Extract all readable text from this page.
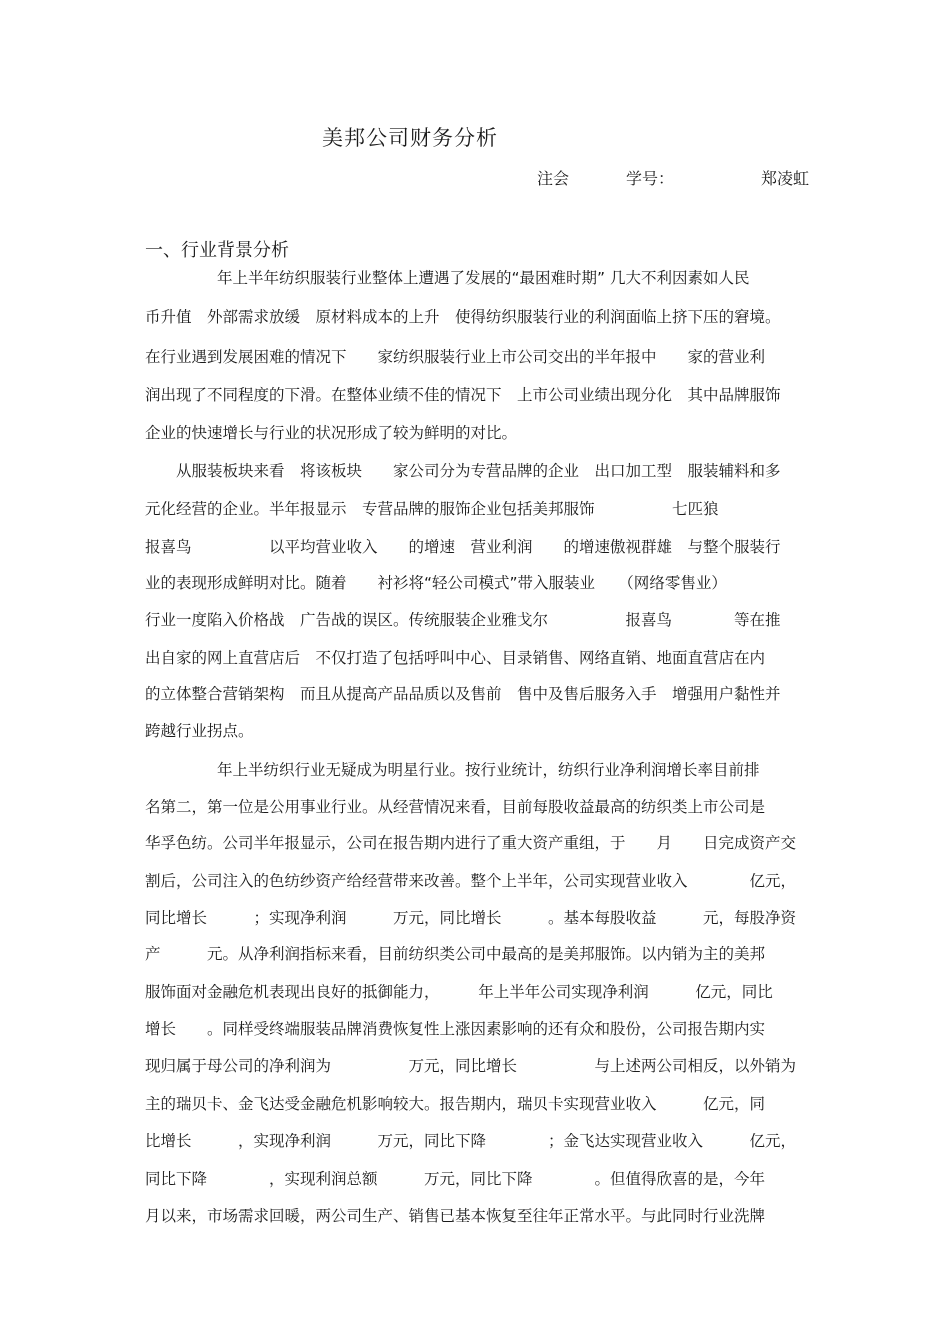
美邦公司财务分析
注会	学号：	郑凌虹
一、行业背景分析
年上半年纺织服装行业整体上遭遇了发展的“最困难时期” 几大不利因素如人民
币升值　外部需求放缓　原材料成本的上升　使得纺织服装行业的利润面临上挤下压的窘境。
在行业遇到发展困难的情况下　　家纺织服装行业上市公司交出的半年报中　　家的营业利
润出现了不同程度的下滑。在整体业绩不佳的情况下　上市公司业绩出现分化　其中品牌服饰
企业的快速增长与行业的状况形成了较为鲜明的对比。
从服装板块来看　将该板块　　家公司分为专营品牌的企业　出口加工型　服装辅料和多
元化经营的企业。半年报显示　专营品牌的服饰企业包括美邦服饰　　　　　七匹狼
报喜鸟　　　　　以平均营业收入　　的增速　营业利润　　的增速傲视群雄　与整个服装行
业的表现形成鲜明对比。随着　　衬衫将“轻公司模式”带入服装业　　（网络零售业）
行业一度陷入价格战　广告战的误区。传统服装企业雅戈尔　　　　　报喜鸟　　　　等在推
出自家的网上直营店后　不仅打造了包括呼叫中心、目录销售、网络直销、地面直营店在内
的立体整合营销架构　而且从提高产品品质以及售前　售中及售后服务入手　增强用户黏性并
跨越行业拐点。
年上半纺织行业无疑成为明星行业。按行业统计，纺织行业净利润增长率目前排
名第二，第一位是公用事业行业。从经营情况来看，目前每股收益最高的纺织类上市公司是
华孚色纺。公司半年报显示，公司在报告期内进行了重大资产重组，于　　月　　日完成资产交
割后，公司注入的色纺纱资产给经营带来改善。整个上半年，公司实现营业收入　　　　亿元，
同比增长　　　；实现净利润　　　万元，同比增长　　　。基本每股收益　　　元，每股净资
产　　　元。从净利润指标来看，目前纺织类公司中最高的是美邦服饰。以内销为主的美邦
服饰面对金融危机表现出良好的抵御能力，　　　年上半年公司实现净利润　　　亿元，同比
增长　　。同样受终端服装品牌消费恢复性上涨因素影响的还有众和股份，公司报告期内实
现归属于母公司的净利润为　　　　　万元，同比增长　　　　　与上述两公司相反，以外销为
主的瑞贝卡、金飞达受金融危机影响较大。报告期内，瑞贝卡实现营业收入　　　亿元，同
比增长　　　，实现净利润　　　万元，同比下降　　　　；金飞达实现营业收入　　　亿元，
同比下降　　　　，实现利润总额　　　万元，同比下降　　　　。但值得欣喜的是，今年
月以来，市场需求回暖，两公司生产、销售已基本恢复至往年正常水平。与此同时行业洗牌
